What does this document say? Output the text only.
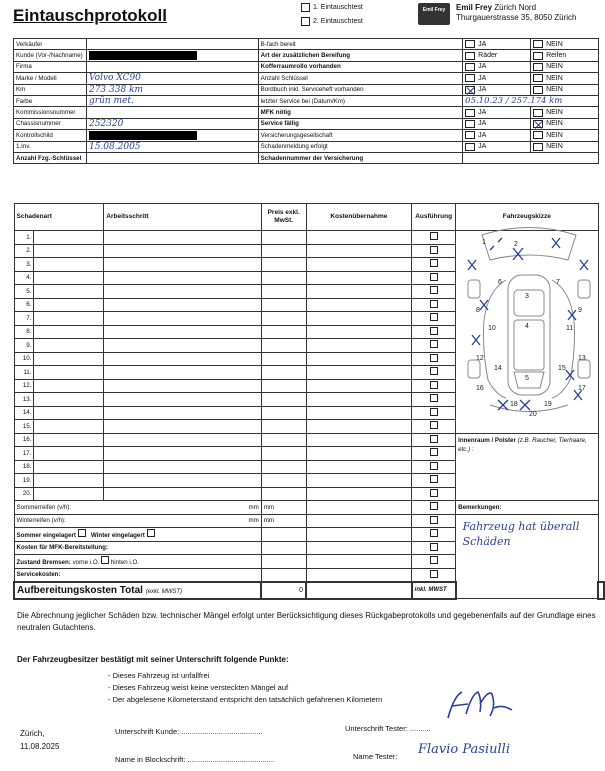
Eintauschprotokoll	1. Eintauschtest
2. Eintauschtest
Emil Frey	Emil Frey Zürich Nord
Thurgauerstrasse 35, 8050 Zürich
Verkäufer		B-fach bereit	JA	NEIN

Kunde (Vor-/Nachname)		Art der zusätzlichen Bereifung	Räder	Reifen

Firma		Kofferraumrollo vorhanden	JA	NEIN

Marke / Modell	Volvo XC90	Anzahl Schlüssel	JA	NEIN

Km	273 338 km	Bordbuch inkl. Serviceheft vorhanden	JA	NEIN

Farbe	grün met.	letzter Service bei (Datum/Km)	05.10.23 / 257.174 km	
Kommissionsnummer		MFK nötig	JA	NEIN

Chassisnummer	252320	Service fällig	JA	NEIN

Kontrollschild		Versicherungsgesellschaft	JA	NEIN

1.Inv.	15.08.2005	Schadenmeldung erfolgt	JA	NEIN

Anzahl Fzg.-Schlüssel		Schadennummer der Versicherung		
Schadenart		Arbeitsschritt	Preis exkl. MwSt.	Kostenübernahme	Ausführung	Fahrzeugskizze	
1.							
2.							
3.							
4.							
5.							
6.							
7.							
8.							
9.							
10.							
11.							
12.							
13.							
14.							
15.							
16.						Innenraum / Polster (z.B. Raucher, Tierhaare, etc.) :	
17.							
18.							
19.							
20.							
Sommerreifen (v/h): mm			mm			Bemerkungen:	
Winterreifen (v/h): mm			mm			Fahrzeug hat überall Schäden	
Sommer eingelagert Winter eingelagert							
Kosten für MFK-Bereitstellung:							
Zustand Bremsen: vorne i.O. hinten i.O.							
Servicekosten:							
Aufbereitungskosten Total (exkl. MWST)			0		inkl. MWST		
1	2
3
4
5
6	7
8	9
10	11
12	13
14	15
16	17
18	19
20
Die Abrechnung jeglicher Schäden bzw. technischer Mängel erfolgt unter Berücksichtigung dieses Rückgabeprotokolls und gegebenenfalls auf der Grundlage eines neutralen Gutachtens.
Der Fahrzeugbesitzer bestätigt mit seiner Unterschrift folgende Punkte:
- Dieses Fahrzeug ist unfallfrei
- Dieses Fahrzeug weist keine versteckten Mängel auf
- Der abgelesene Kilometerstand entspricht den tatsächlich gefahrenen Kilometern
Zürich,
11.08.2025
Unterschrift Kunde: .......................................	Unterschrift Tester: ..........
Name in Blockschrift: ..........................................	Name Tester: Flavio Pasiulli
